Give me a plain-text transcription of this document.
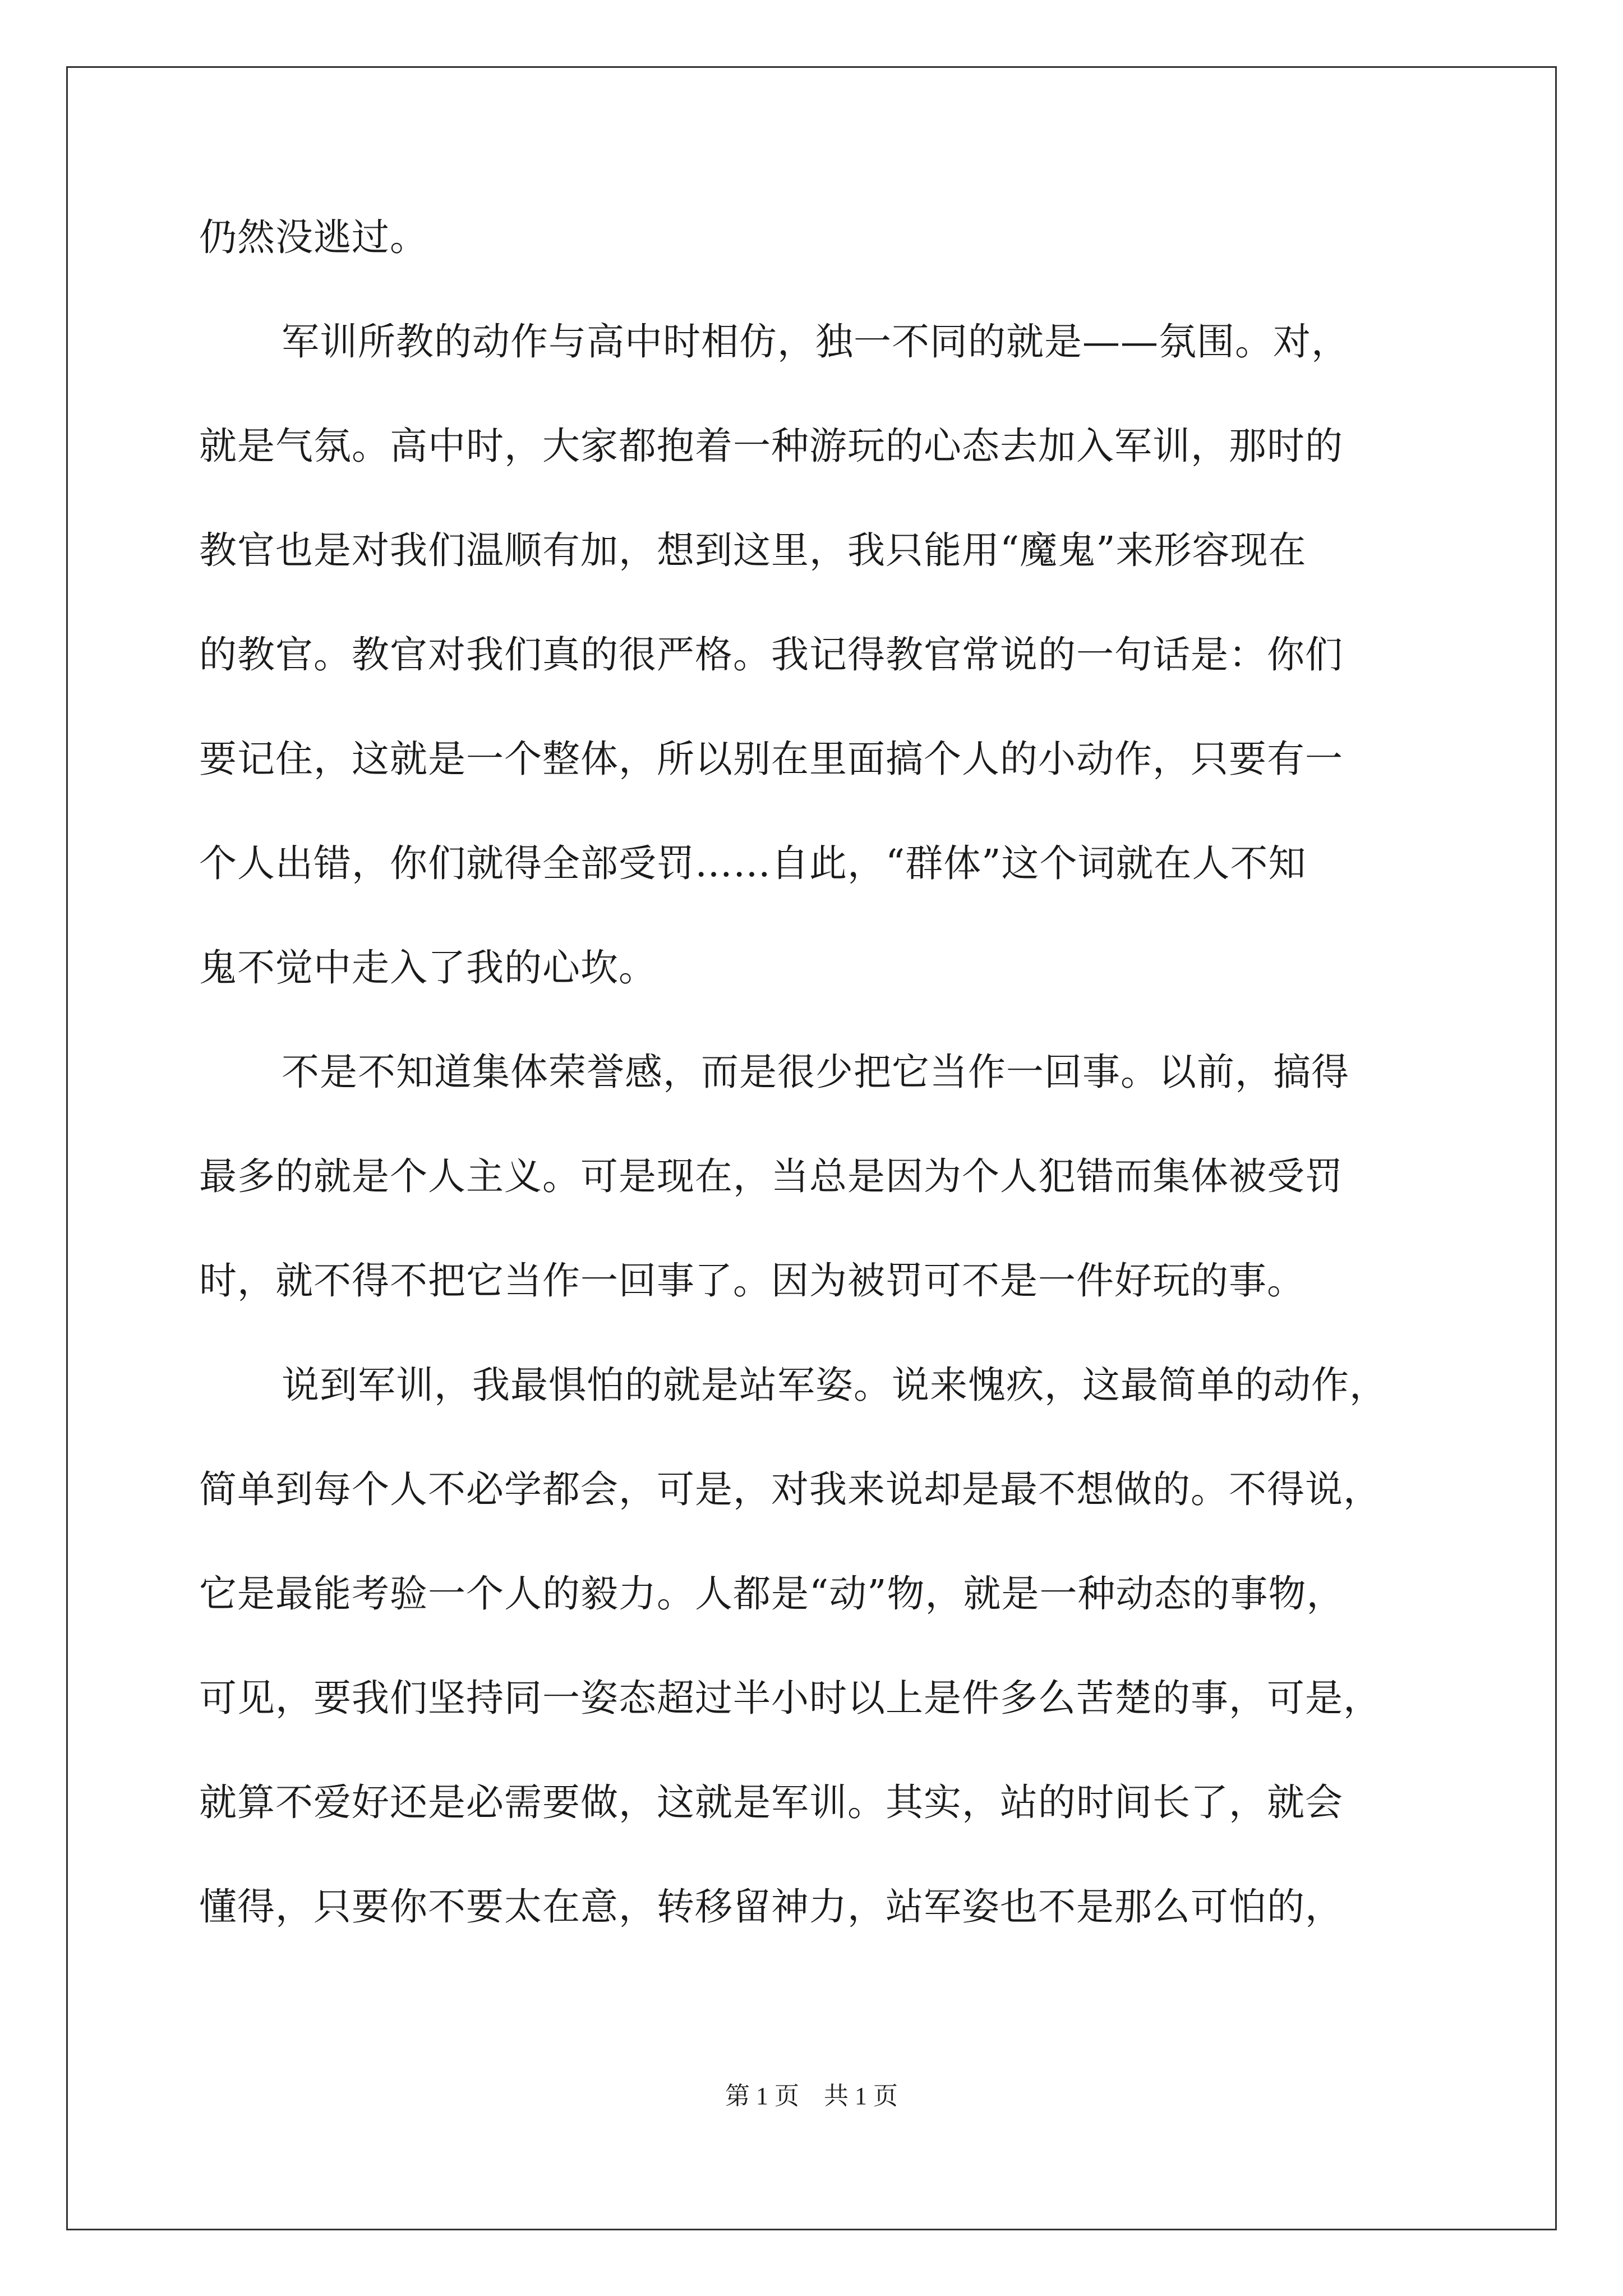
仍然没逃过。
军训所教的动作与高中时相仿，独一不同的就是——氛围。对，
就是气氛。高中时，大家都抱着一种游玩的心态去加入军训，那时的
教官也是对我们温顺有加，想到这里，我只能用“魔鬼”来形容现在
的教官。教官对我们真的很严格。我记得教官常说的一句话是：你们
要记住，这就是一个整体，所以别在里面搞个人的小动作，只要有一
个人出错，你们就得全部受罚……自此，“群体”这个词就在人不知
鬼不觉中走入了我的心坎。
不是不知道集体荣誉感，而是很少把它当作一回事。以前，搞得
最多的就是个人主义。可是现在，当总是因为个人犯错而集体被受罚
时，就不得不把它当作一回事了。因为被罚可不是一件好玩的事。
说到军训，我最惧怕的就是站军姿。说来愧疚，这最简单的动作，
简单到每个人不必学都会，可是，对我来说却是最不想做的。不得说，
它是最能考验一个人的毅力。人都是“动”物，就是一种动态的事物，
可见，要我们坚持同一姿态超过半小时以上是件多么苦楚的事，可是，
就算不爱好还是必需要做，这就是军训。其实，站的时间长了，就会
懂得，只要你不要太在意，转移留神力，站军姿也不是那么可怕的，
第 1 页　共 1 页
